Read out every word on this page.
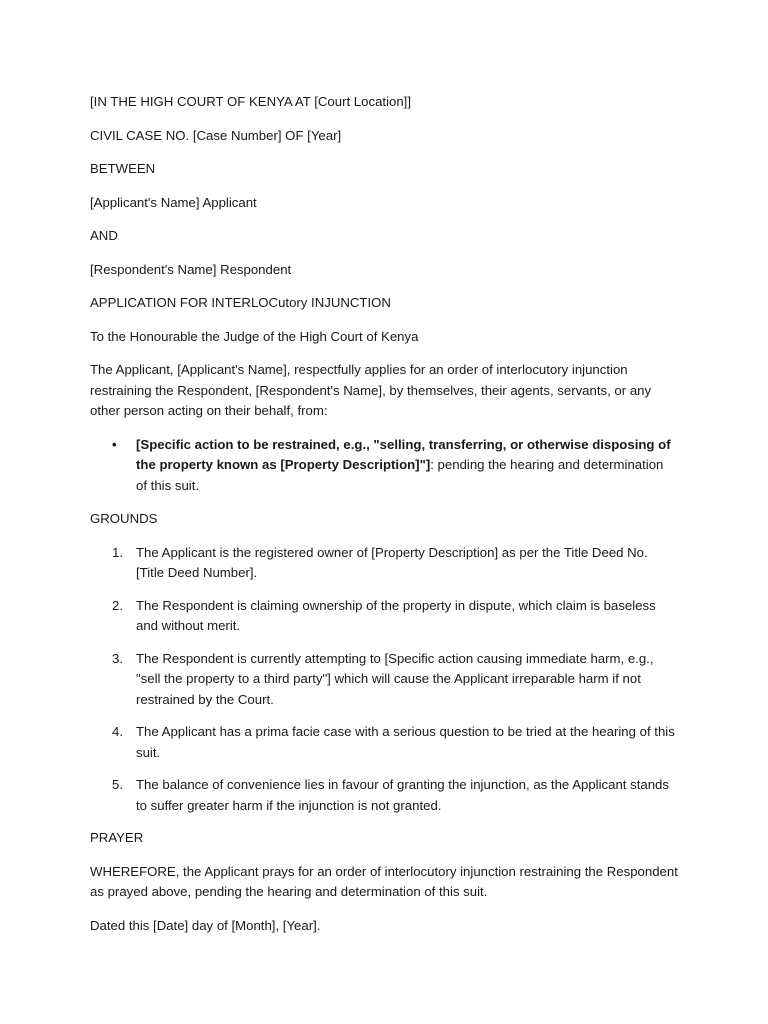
[IN THE HIGH COURT OF KENYA AT [Court Location]]

CIVIL CASE NO. [Case Number] OF [Year]

BETWEEN

[Applicant's Name] Applicant

AND

[Respondent's Name] Respondent

APPLICATION FOR INTERLOCutory INJUNCTION

To the Honourable the Judge of the High Court of Kenya

The Applicant, [Applicant's Name], respectfully applies for an order of interlocutory injunction restraining the Respondent, [Respondent's Name], by themselves, their agents, servants, or any other person acting on their behalf, from:

• [Specific action to be restrained, e.g., "selling, transferring, or otherwise disposing of the property known as [Property Description]"]: pending the hearing and determination of this suit.

GROUNDS

1. The Applicant is the registered owner of [Property Description] as per the Title Deed No. [Title Deed Number].
2. The Respondent is claiming ownership of the property in dispute, which claim is baseless and without merit.
3. The Respondent is currently attempting to [Specific action causing immediate harm, e.g., "sell the property to a third party"] which will cause the Applicant irreparable harm if not restrained by the Court.
4. The Applicant has a prima facie case with a serious question to be tried at the hearing of this suit.
5. The balance of convenience lies in favour of granting the injunction, as the Applicant stands to suffer greater harm if the injunction is not granted.

PRAYER

WHEREFORE, the Applicant prays for an order of interlocutory injunction restraining the Respondent as prayed above, pending the hearing and determination of this suit.

Dated this [Date] day of [Month], [Year].
